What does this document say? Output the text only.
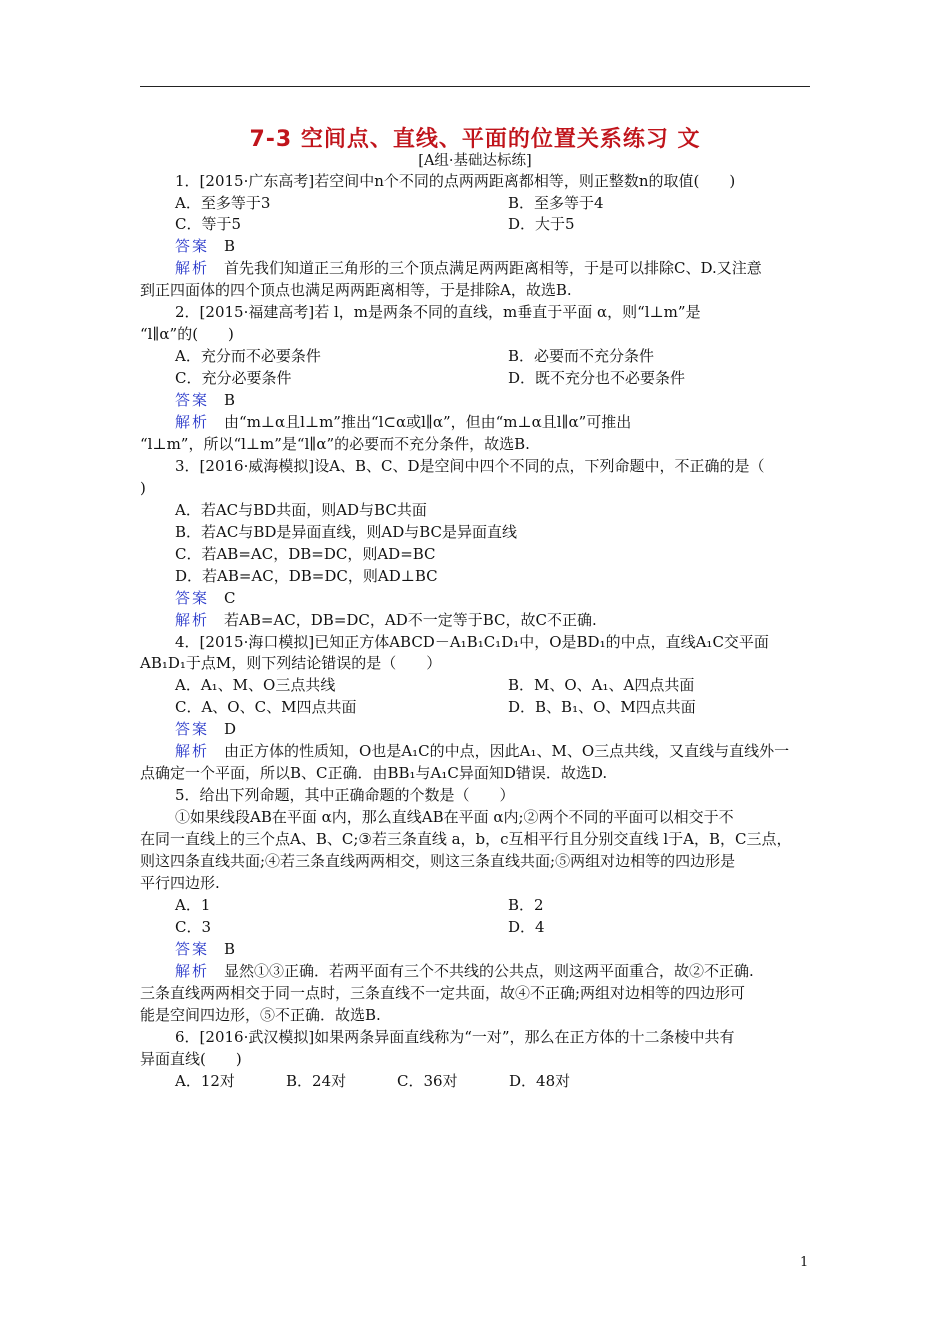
7-3 空间点、直线、平面的位置关系练习 文
[A组·基础达标练]
1．[2015·广东高考]若空间中n个不同的点两两距离都相等，则正整数n的取值(　　)
A．至多等于3	B．至多等于4
C．等于5	D．大于5
答案　 B
解析　 首先我们知道正三角形的三个顶点满足两两距离相等，于是可以排除C、D.又注意
到正四面体的四个顶点也满足两两距离相等，于是排除A，故选B.
2．[2015·福建高考]若 l，m是两条不同的直线，m垂直于平面 α，则“l⊥m”是
“l∥α”的(　　)
A．充分而不必要条件	B．必要而不充分条件
C．充分必要条件	D．既不充分也不必要条件
答案　 B
解析　 由“m⊥α且l⊥m”推出“l⊂α或l∥α”，但由“m⊥α且l∥α”可推出
“l⊥m”，所以“l⊥m”是“l∥α”的必要而不充分条件，故选B.
3．[2016·威海模拟]设A、B、C、D是空间中四个不同的点，下列命题中，不正确的是（
)
A．若AC与BD共面，则AD与BC共面
B．若AC与BD是异面直线，则AD与BC是异面直线
C．若AB=AC，DB=DC，则AD=BC
D．若AB=AC，DB=DC，则AD⊥BC
答案　 C
解析　 若AB=AC，DB=DC，AD不一定等于BC，故C不正确.
4．[2015·海口模拟]已知正方体ABCD－A₁B₁C₁D₁中，O是BD₁的中点，直线A₁C交平面
AB₁D₁于点M，则下列结论错误的是（　　）
A．A₁、M、O三点共线	B．M、O、A₁、A四点共面
C．A、O、C、M四点共面	D．B、B₁、O、M四点共面
答案　 D
解析　 由正方体的性质知，O也是A₁C的中点，因此A₁、M、O三点共线，又直线与直线外一
点确定一个平面，所以B、C正确．由BB₁与A₁C异面知D错误．故选D.
5．给出下列命题，其中正确命题的个数是（　　）
①如果线段AB在平面 α内，那么直线AB在平面 α内;②两个不同的平面可以相交于不
在同一直线上的三个点A、B、C;③若三条直线 a，b，c互相平行且分别交直线 l于A，B，C三点，
则这四条直线共面;④若三条直线两两相交，则这三条直线共面;⑤两组对边相等的四边形是
平行四边形.
A．1	B．2
C．3	D．4
答案　 B
解析　 显然①③正确．若两平面有三个不共线的公共点，则这两平面重合，故②不正确.
三条直线两两相交于同一点时，三条直线不一定共面，故④不正确;两组对边相等的四边形可
能是空间四边形，⑤不正确．故选B.
6．[2016·武汉模拟]如果两条异面直线称为“一对”，那么在正方体的十二条棱中共有
异面直线(　　)
A．12对	B．24对	C．36对	D．48对
1
